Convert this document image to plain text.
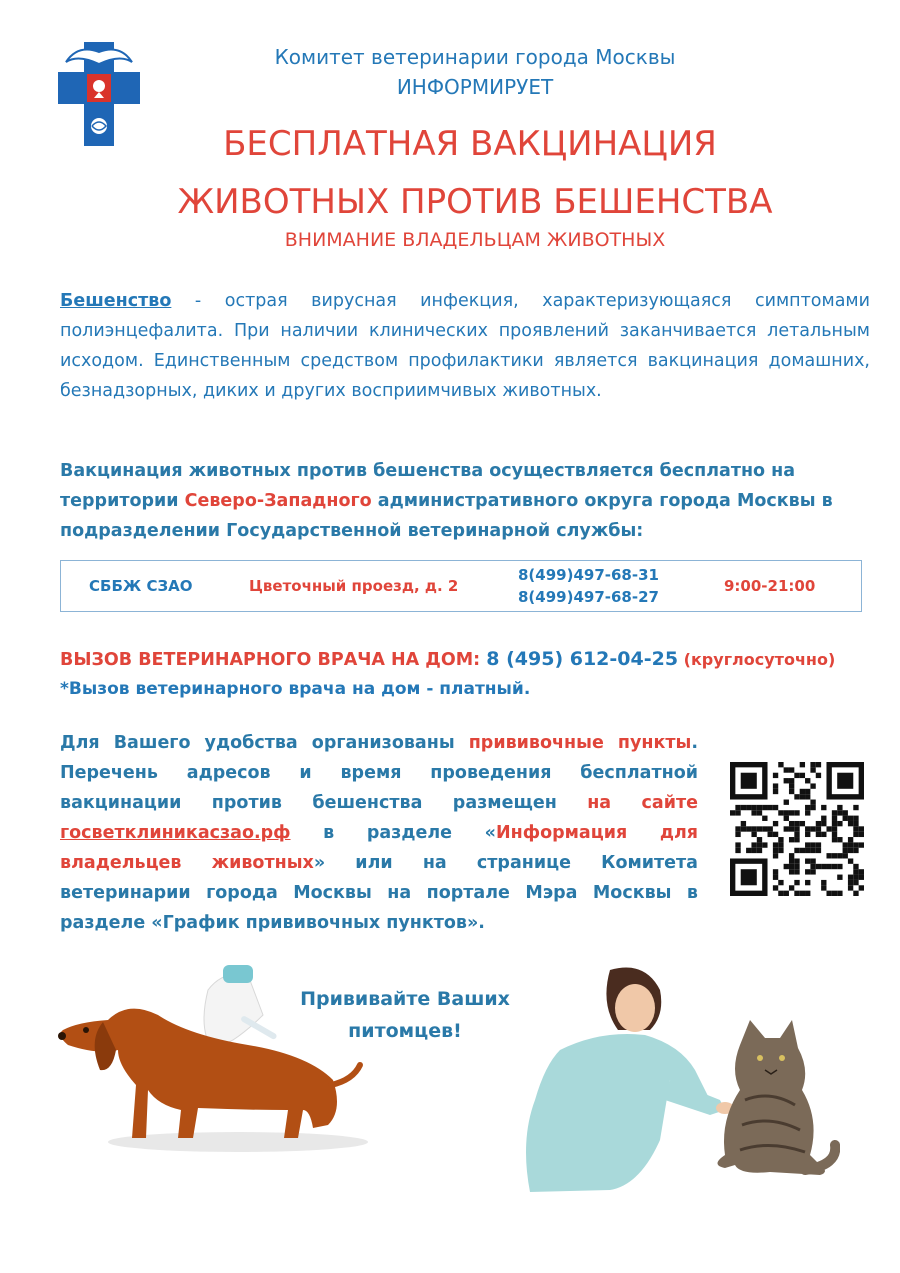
Комитет ветеринарии города Москвы
ИНФОРМИРУЕТ
БЕСПЛАТНАЯ ВАКЦИНАЦИЯ
ЖИВОТНЫХ ПРОТИВ БЕШЕНСТВА
ВНИМАНИЕ ВЛАДЕЛЬЦАМ ЖИВОТНЫХ
Бешенство - острая вирусная инфекция, характеризующаяся симптомами полиэнцефалита. При наличии клинических проявлений заканчивается летальным исходом. Единственным средством профилактики является вакцинация домашних, безнадзорных, диких и других восприимчивых животных.
Вакцинация животных против бешенства осуществляется бесплатно на территории Северо-Западного административного округа города Москвы в подразделении Государственной ветеринарной службы:
СББЖ СЗАО	Цветочный проезд, д. 2
8(499)497-68-31
8(499)497-68-27
9:00-21:00
ВЫЗОВ ВЕТЕРИНАРНОГО ВРАЧА НА ДОМ: 8 (495) 612-04-25 (круглосуточно)
*Вызов ветеринарного врача на дом - платный.
Для Вашего удобства организованы прививочные пункты. Перечень адресов и время проведения бесплатной вакцинации против бешенства размещен на сайте госветклиникасзао.рф в разделе «Информация для владельцев животных» или на странице Комитета ветеринарии города Москвы на портале Мэра Москвы в разделе «График прививочных пунктов».
Прививайте Ваших
питомцев!
